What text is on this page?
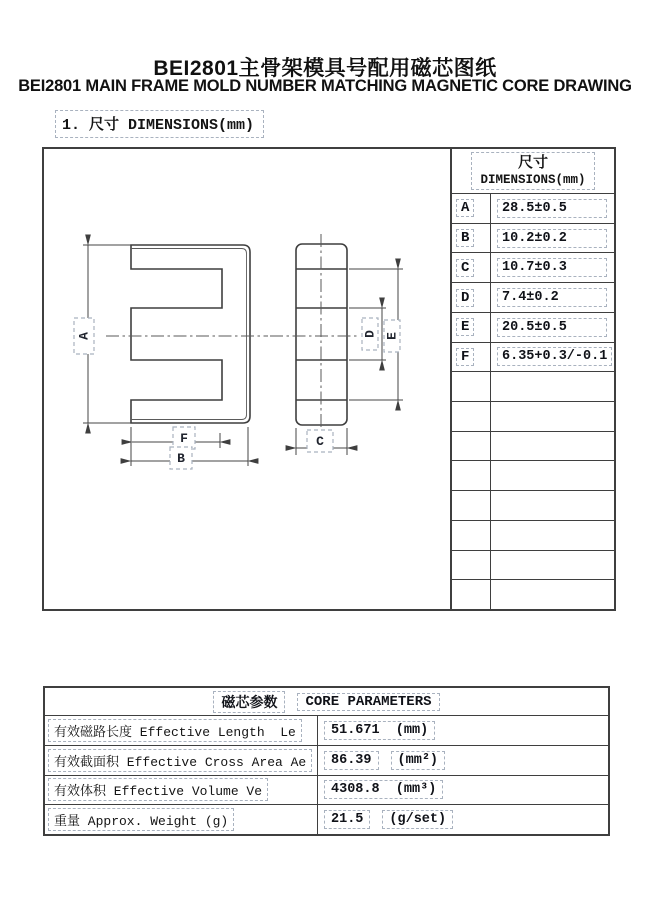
BEI2801主骨架模具号配用磁芯图纸
BEI2801 MAIN FRAME MOLD NUMBER MATCHING MAGNETIC CORE DRAWING
1. 尺寸 DIMENSIONS(mm)
A
F
B
C
D E
尺寸
DIMENSIONS(mm)
A	28.5±0.5
B	10.2±0.2
C	10.7±0.3
D	7.4±0.2
E	20.5±0.5
F	6.35+0.3/-0.1
磁芯参数	CORE PARAMETERS
有效磁路长度 Effective Length  Le	51.671  (mm)
有效截面积 Effective Cross Area Ae	86.39	(mm²)
有效体积 Effective Volume Ve	4308.8  (mm³)
重量 Approx. Weight (g)	21.5	(g/set)
